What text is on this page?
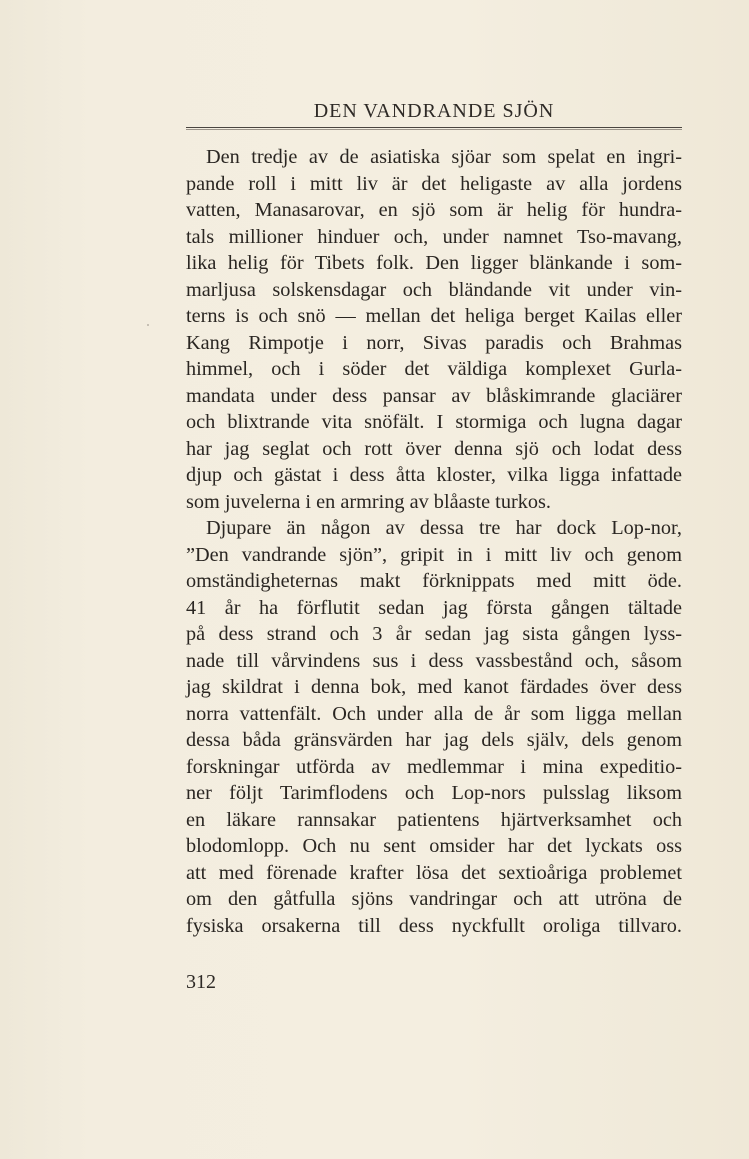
DEN VANDRANDE SJÖN
Den tredje av de asiatiska sjöar som spelat en ingri-
pande roll i mitt liv är det heligaste av alla jordens
vatten, Manasarovar, en sjö som är helig för hundra-
tals millioner hinduer och, under namnet Tso-mavang,
lika helig för Tibets folk. Den ligger blänkande i som-
marljusa solskensdagar och bländande vit under vin-
terns is och snö — mellan det heliga berget Kailas eller
Kang Rimpotje i norr, Sivas paradis och Brahmas
himmel, och i söder det väldiga komplexet Gurla-
mandata under dess pansar av blåskimrande glaciärer
och blixtrande vita snöfält. I stormiga och lugna dagar
har jag seglat och rott över denna sjö och lodat dess
djup och gästat i dess åtta kloster, vilka ligga infattade
som juvelerna i en armring av blåaste turkos.
Djupare än någon av dessa tre har dock Lop-nor,
”Den vandrande sjön”, gripit in i mitt liv och genom
omständigheternas makt förknippats med mitt öde.
41 år ha förflutit sedan jag första gången tältade
på dess strand och 3 år sedan jag sista gången lyss-
nade till vårvindens sus i dess vassbestånd och, såsom
jag skildrat i denna bok, med kanot färdades över dess
norra vattenfält. Och under alla de år som ligga mellan
dessa båda gränsvärden har jag dels själv, dels genom
forskningar utförda av medlemmar i mina expeditio-
ner följt Tarimflodens och Lop-nors pulsslag liksom
en läkare rannsakar patientens hjärtverksamhet och
blodomlopp. Och nu sent omsider har det lyckats oss
att med förenade krafter lösa det sextioåriga problemet
om den gåtfulla sjöns vandringar och att utröna de
fysiska orsakerna till dess nyckfullt oroliga tillvaro.
312
